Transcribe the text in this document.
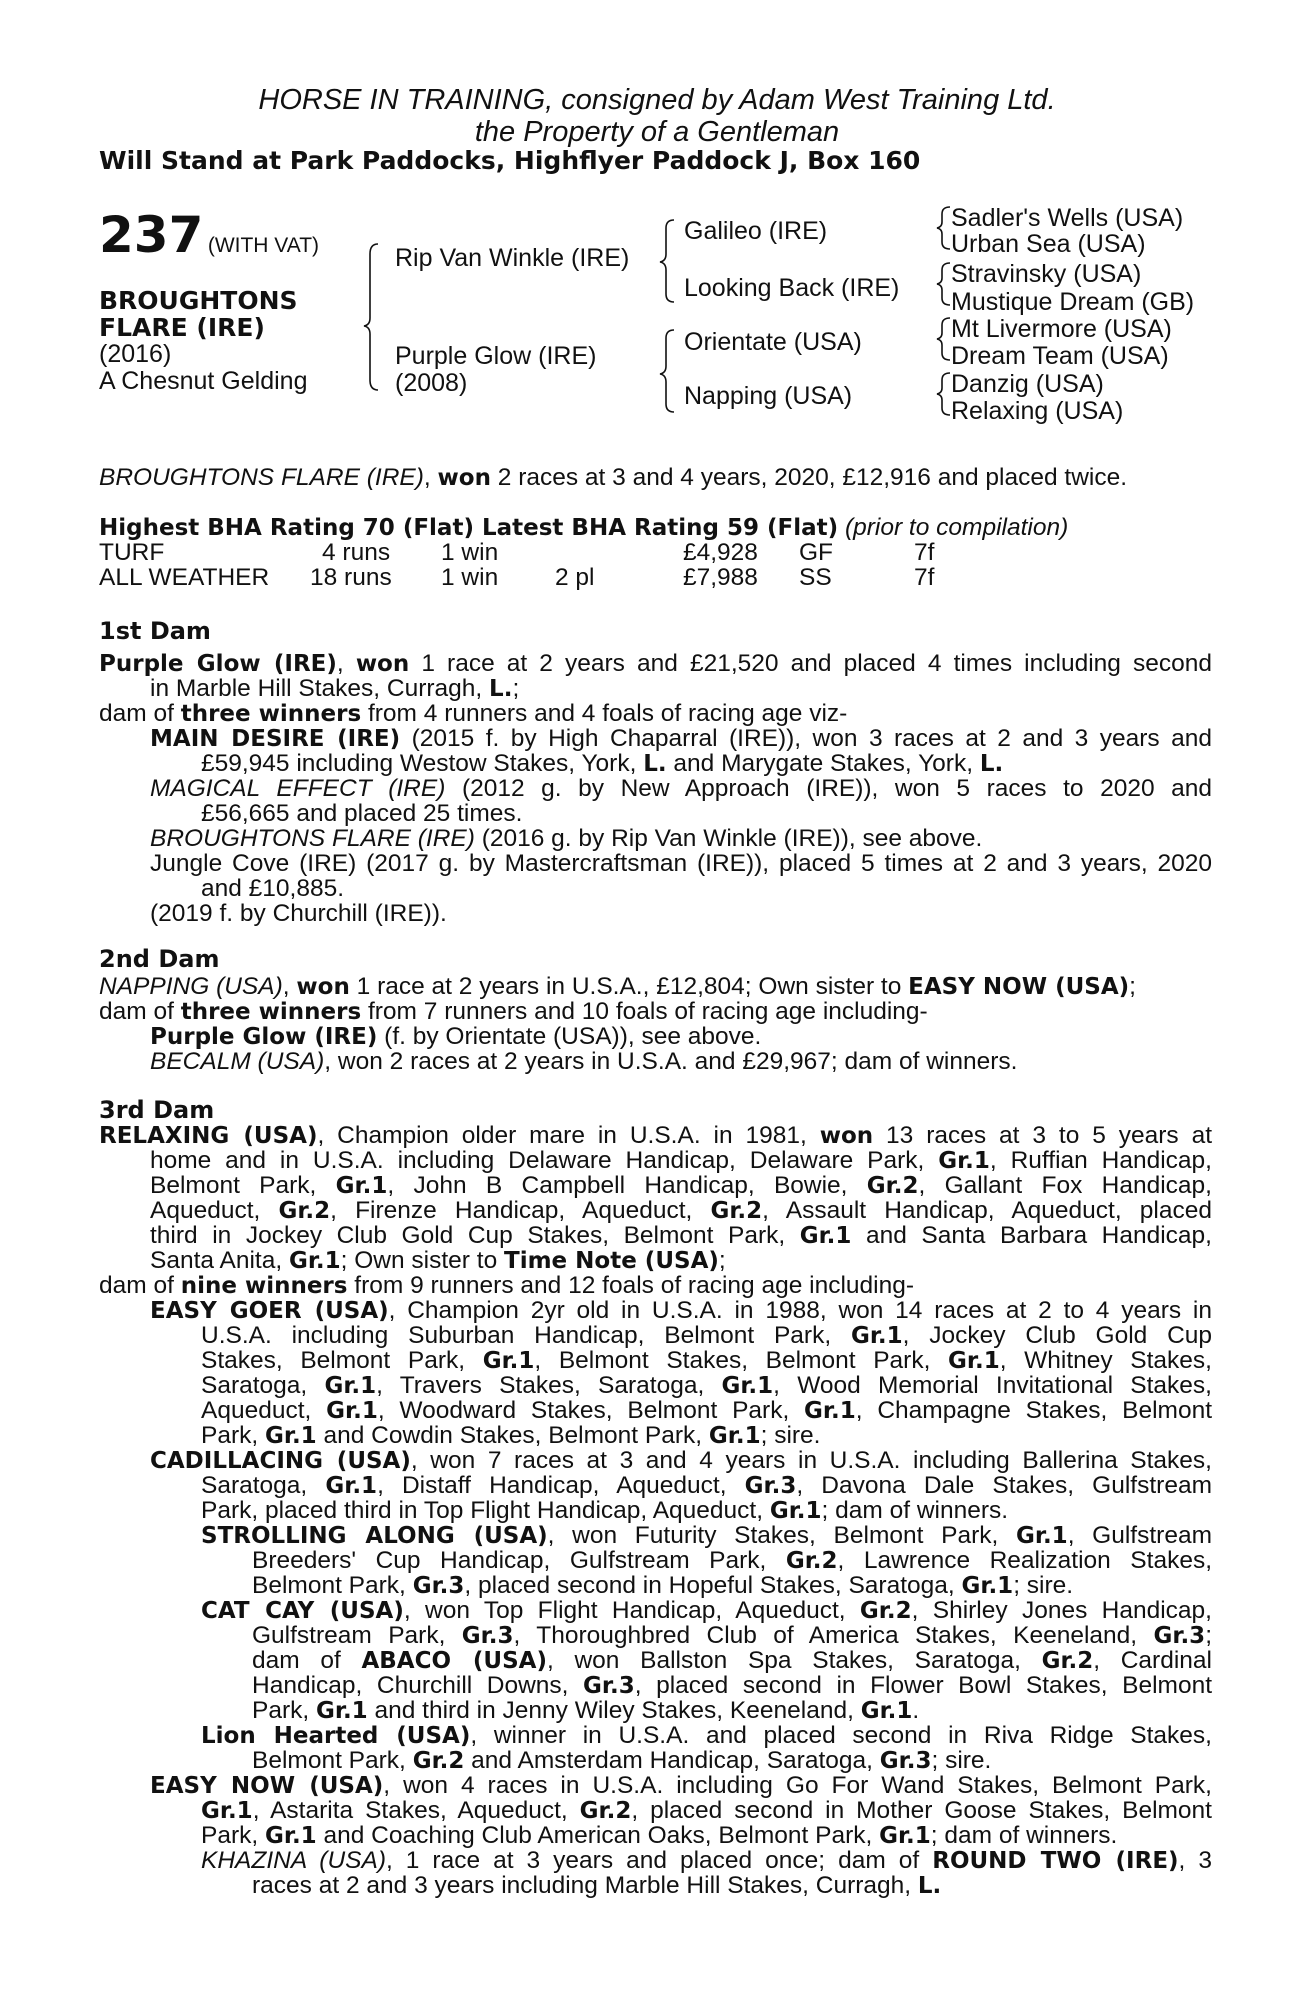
HORSE IN TRAINING, consigned by Adam West Training Ltd.
the Property of a Gentleman
Will Stand at Park Paddocks, Highflyer Paddock J, Box 160
237 (WITH VAT)
BROUGHTONS
FLARE (IRE)
(2016)
A Chesnut Gelding
Rip Van Winkle (IRE)
Purple Glow (IRE)
(2008)
Galileo (IRE)
Looking Back (IRE)
Orientate (USA)
Napping (USA)
Sadler's Wells (USA)
Urban Sea (USA)
Stravinsky (USA)
Mustique Dream (GB)
Mt Livermore (USA)
Dream Team (USA)
Danzig (USA)
Relaxing (USA)
BROUGHTONS FLARE (IRE), won 2 races at 3 and 4 years, 2020, £12,916 and placed twice.
Highest BHA Rating 70 (Flat) Latest BHA Rating 59 (Flat) (prior to compilation)
TURF	4 runs 1 win	£4,928 GF	7f
ALL WEATHER 18 runs 1 win 2 pl	£7,988 SS	7f
1st Dam
2nd Dam
3rd Dam
Purple Glow (IRE), won 1 race at 2 years and £21,520 and placed 4 times including second
in Marble Hill Stakes, Curragh, L.;
dam of three winners from 4 runners and 4 foals of racing age viz-
MAIN DESIRE (IRE) (2015 f. by High Chaparral (IRE)), won 3 races at 2 and 3 years and
£59,945 including Westow Stakes, York, L. and Marygate Stakes, York, L.
MAGICAL EFFECT (IRE) (2012 g. by New Approach (IRE)), won 5 races to 2020 and
£56,665 and placed 25 times.
BROUGHTONS FLARE (IRE) (2016 g. by Rip Van Winkle (IRE)), see above.
Jungle Cove (IRE) (2017 g. by Mastercraftsman (IRE)), placed 5 times at 2 and 3 years, 2020
and £10,885.
(2019 f. by Churchill (IRE)).
NAPPING (USA), won 1 race at 2 years in U.S.A., £12,804; Own sister to EASY NOW (USA);
dam of three winners from 7 runners and 10 foals of racing age including-
Purple Glow (IRE) (f. by Orientate (USA)), see above.
BECALM (USA), won 2 races at 2 years in U.S.A. and £29,967; dam of winners.
RELAXING (USA), Champion older mare in U.S.A. in 1981, won 13 races at 3 to 5 years at
home and in U.S.A. including Delaware Handicap, Delaware Park, Gr.1, Ruffian Handicap,
Belmont Park, Gr.1, John B Campbell Handicap, Bowie, Gr.2, Gallant Fox Handicap,
Aqueduct, Gr.2, Firenze Handicap, Aqueduct, Gr.2, Assault Handicap, Aqueduct, placed
third in Jockey Club Gold Cup Stakes, Belmont Park, Gr.1 and Santa Barbara Handicap,
Santa Anita, Gr.1; Own sister to Time Note (USA);
dam of nine winners from 9 runners and 12 foals of racing age including-
EASY GOER (USA), Champion 2yr old in U.S.A. in 1988, won 14 races at 2 to 4 years in
U.S.A. including Suburban Handicap, Belmont Park, Gr.1, Jockey Club Gold Cup
Stakes, Belmont Park, Gr.1, Belmont Stakes, Belmont Park, Gr.1, Whitney Stakes,
Saratoga, Gr.1, Travers Stakes, Saratoga, Gr.1, Wood Memorial Invitational Stakes,
Aqueduct, Gr.1, Woodward Stakes, Belmont Park, Gr.1, Champagne Stakes, Belmont
Park, Gr.1 and Cowdin Stakes, Belmont Park, Gr.1; sire.
CADILLACING (USA), won 7 races at 3 and 4 years in U.S.A. including Ballerina Stakes,
Saratoga, Gr.1, Distaff Handicap, Aqueduct, Gr.3, Davona Dale Stakes, Gulfstream
Park, placed third in Top Flight Handicap, Aqueduct, Gr.1; dam of winners.
STROLLING ALONG (USA), won Futurity Stakes, Belmont Park, Gr.1, Gulfstream
Breeders' Cup Handicap, Gulfstream Park, Gr.2, Lawrence Realization Stakes,
Belmont Park, Gr.3, placed second in Hopeful Stakes, Saratoga, Gr.1; sire.
CAT CAY (USA), won Top Flight Handicap, Aqueduct, Gr.2, Shirley Jones Handicap,
Gulfstream Park, Gr.3, Thoroughbred Club of America Stakes, Keeneland, Gr.3;
dam of ABACO (USA), won Ballston Spa Stakes, Saratoga, Gr.2, Cardinal
Handicap, Churchill Downs, Gr.3, placed second in Flower Bowl Stakes, Belmont
Park, Gr.1 and third in Jenny Wiley Stakes, Keeneland, Gr.1.
Lion Hearted (USA), winner in U.S.A. and placed second in Riva Ridge Stakes,
Belmont Park, Gr.2 and Amsterdam Handicap, Saratoga, Gr.3; sire.
EASY NOW (USA), won 4 races in U.S.A. including Go For Wand Stakes, Belmont Park,
Gr.1, Astarita Stakes, Aqueduct, Gr.2, placed second in Mother Goose Stakes, Belmont
Park, Gr.1 and Coaching Club American Oaks, Belmont Park, Gr.1; dam of winners.
KHAZINA (USA), 1 race at 3 years and placed once; dam of ROUND TWO (IRE), 3
races at 2 and 3 years including Marble Hill Stakes, Curragh, L.
